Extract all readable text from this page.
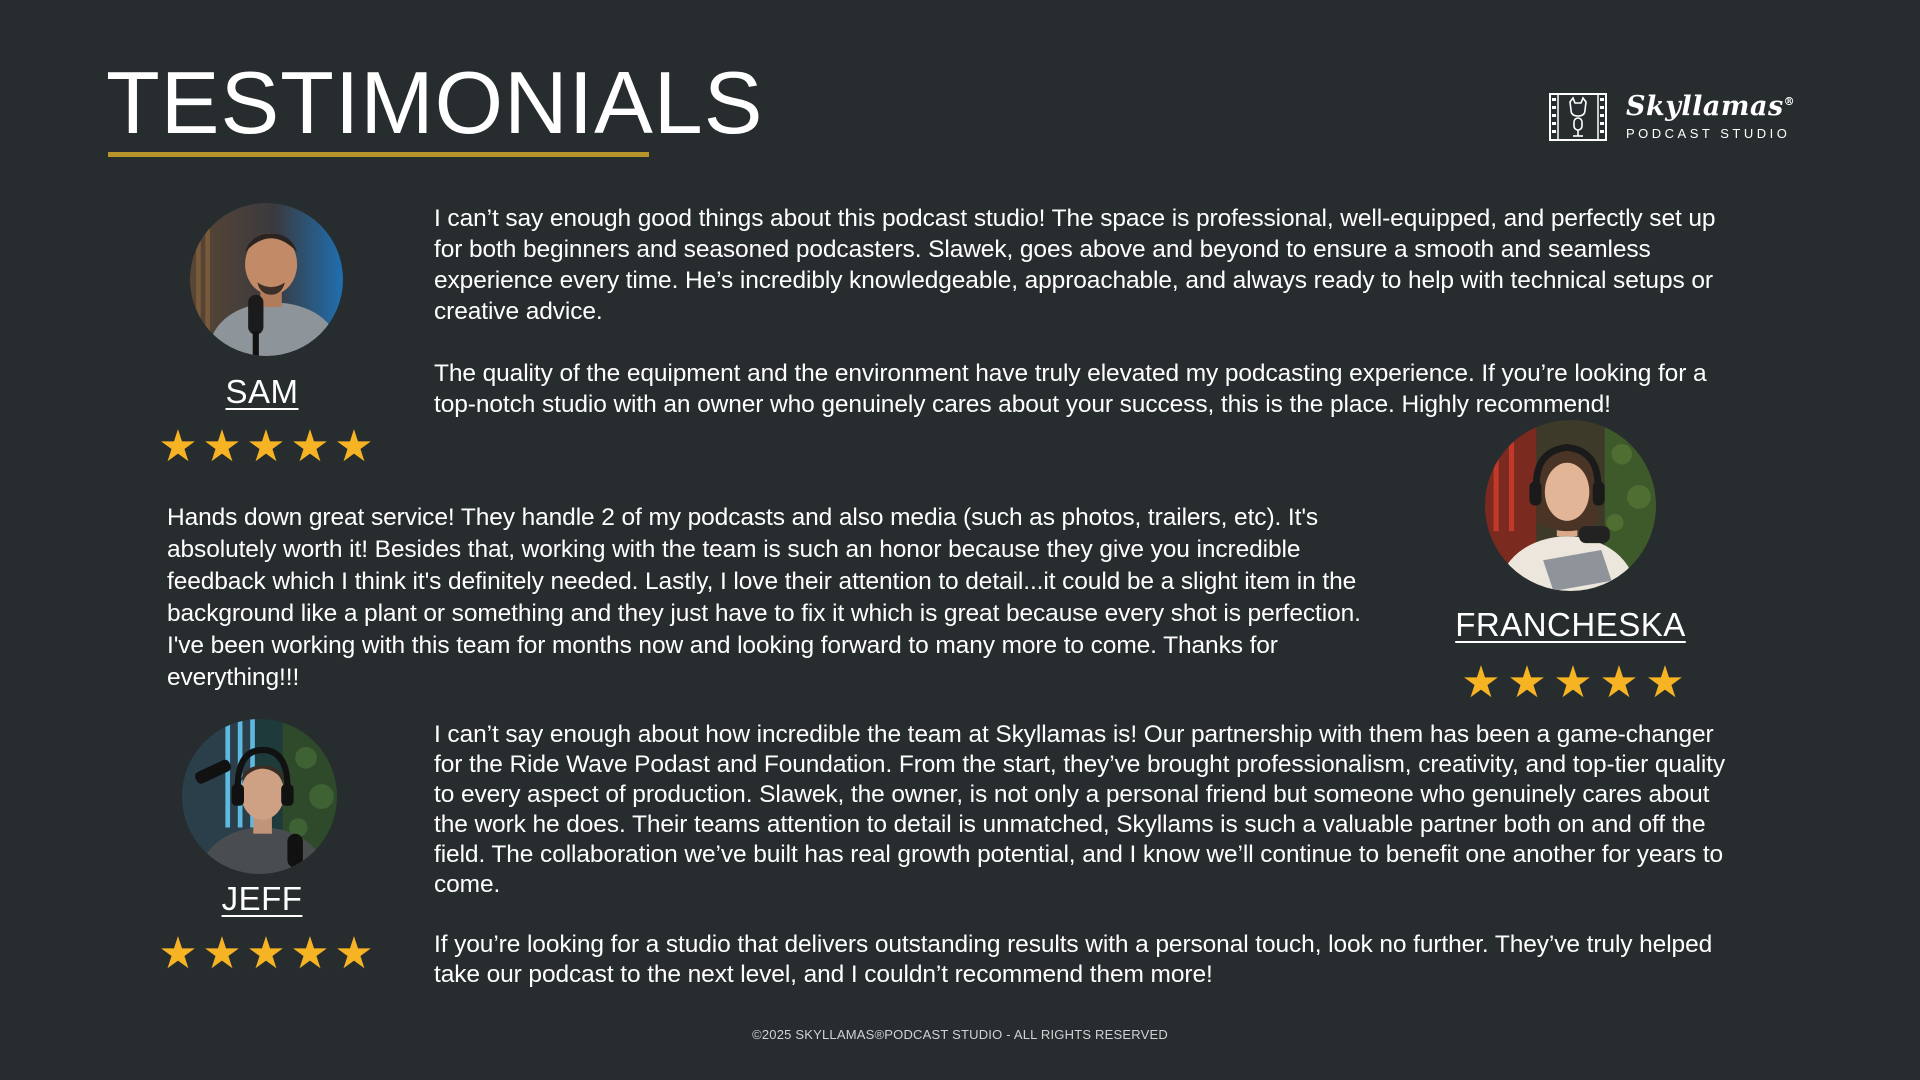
TESTIMONIALS	Skyllamas®
PODCAST STUDIO
SAM
★ ★ ★ ★ ★

I can’t say enough good things about this podcast studio! The space is professional, well-equipped, and perfectly set up for both beginners and seasoned podcasters. Slawek, goes above and beyond to ensure a smooth and seamless experience every time. He’s incredibly knowledgeable, approachable, and always ready to help with technical setups or creative advice.

The quality of the equipment and the environment have truly elevated my podcasting experience. If you’re looking for a top-notch studio with an owner who genuinely cares about your success, this is the place. Highly recommend!

Hands down great service! They handle 2 of my podcasts and also media (such as photos, trailers, etc). It's absolutely worth it! Besides that, working with the team is such an honor because they give you incredible feedback which I think it's definitely needed. Lastly, I love their attention to detail...it could be a slight item in the background like a plant or something and they just have to fix it which is great because every shot is perfection. I've been working with this team for months now and looking forward to many more to come. Thanks for everything!!!

FRANCHESKA
★ ★ ★ ★ ★
JEFF
★ ★ ★ ★ ★

I can’t say enough about how incredible the team at Skyllamas is! Our partnership with them has been a game-changer for the Ride Wave Podast and Foundation. From the start, they’ve brought professionalism, creativity, and top-tier quality to every aspect of production. Slawek, the owner, is not only a personal friend but someone who genuinely cares about the work he does. Their teams attention to detail is unmatched, Skyllams is such a valuable partner both on and off the field. The collaboration we’ve built has real growth potential, and I know we’ll continue to benefit one another for years to come.

If you’re looking for a studio that delivers outstanding results with a personal touch, look no further. They’ve truly helped take our podcast to the next level, and I couldn’t recommend them more!

©2025 SKYLLAMAS®PODCAST STUDIO - ALL RIGHTS RESERVED
